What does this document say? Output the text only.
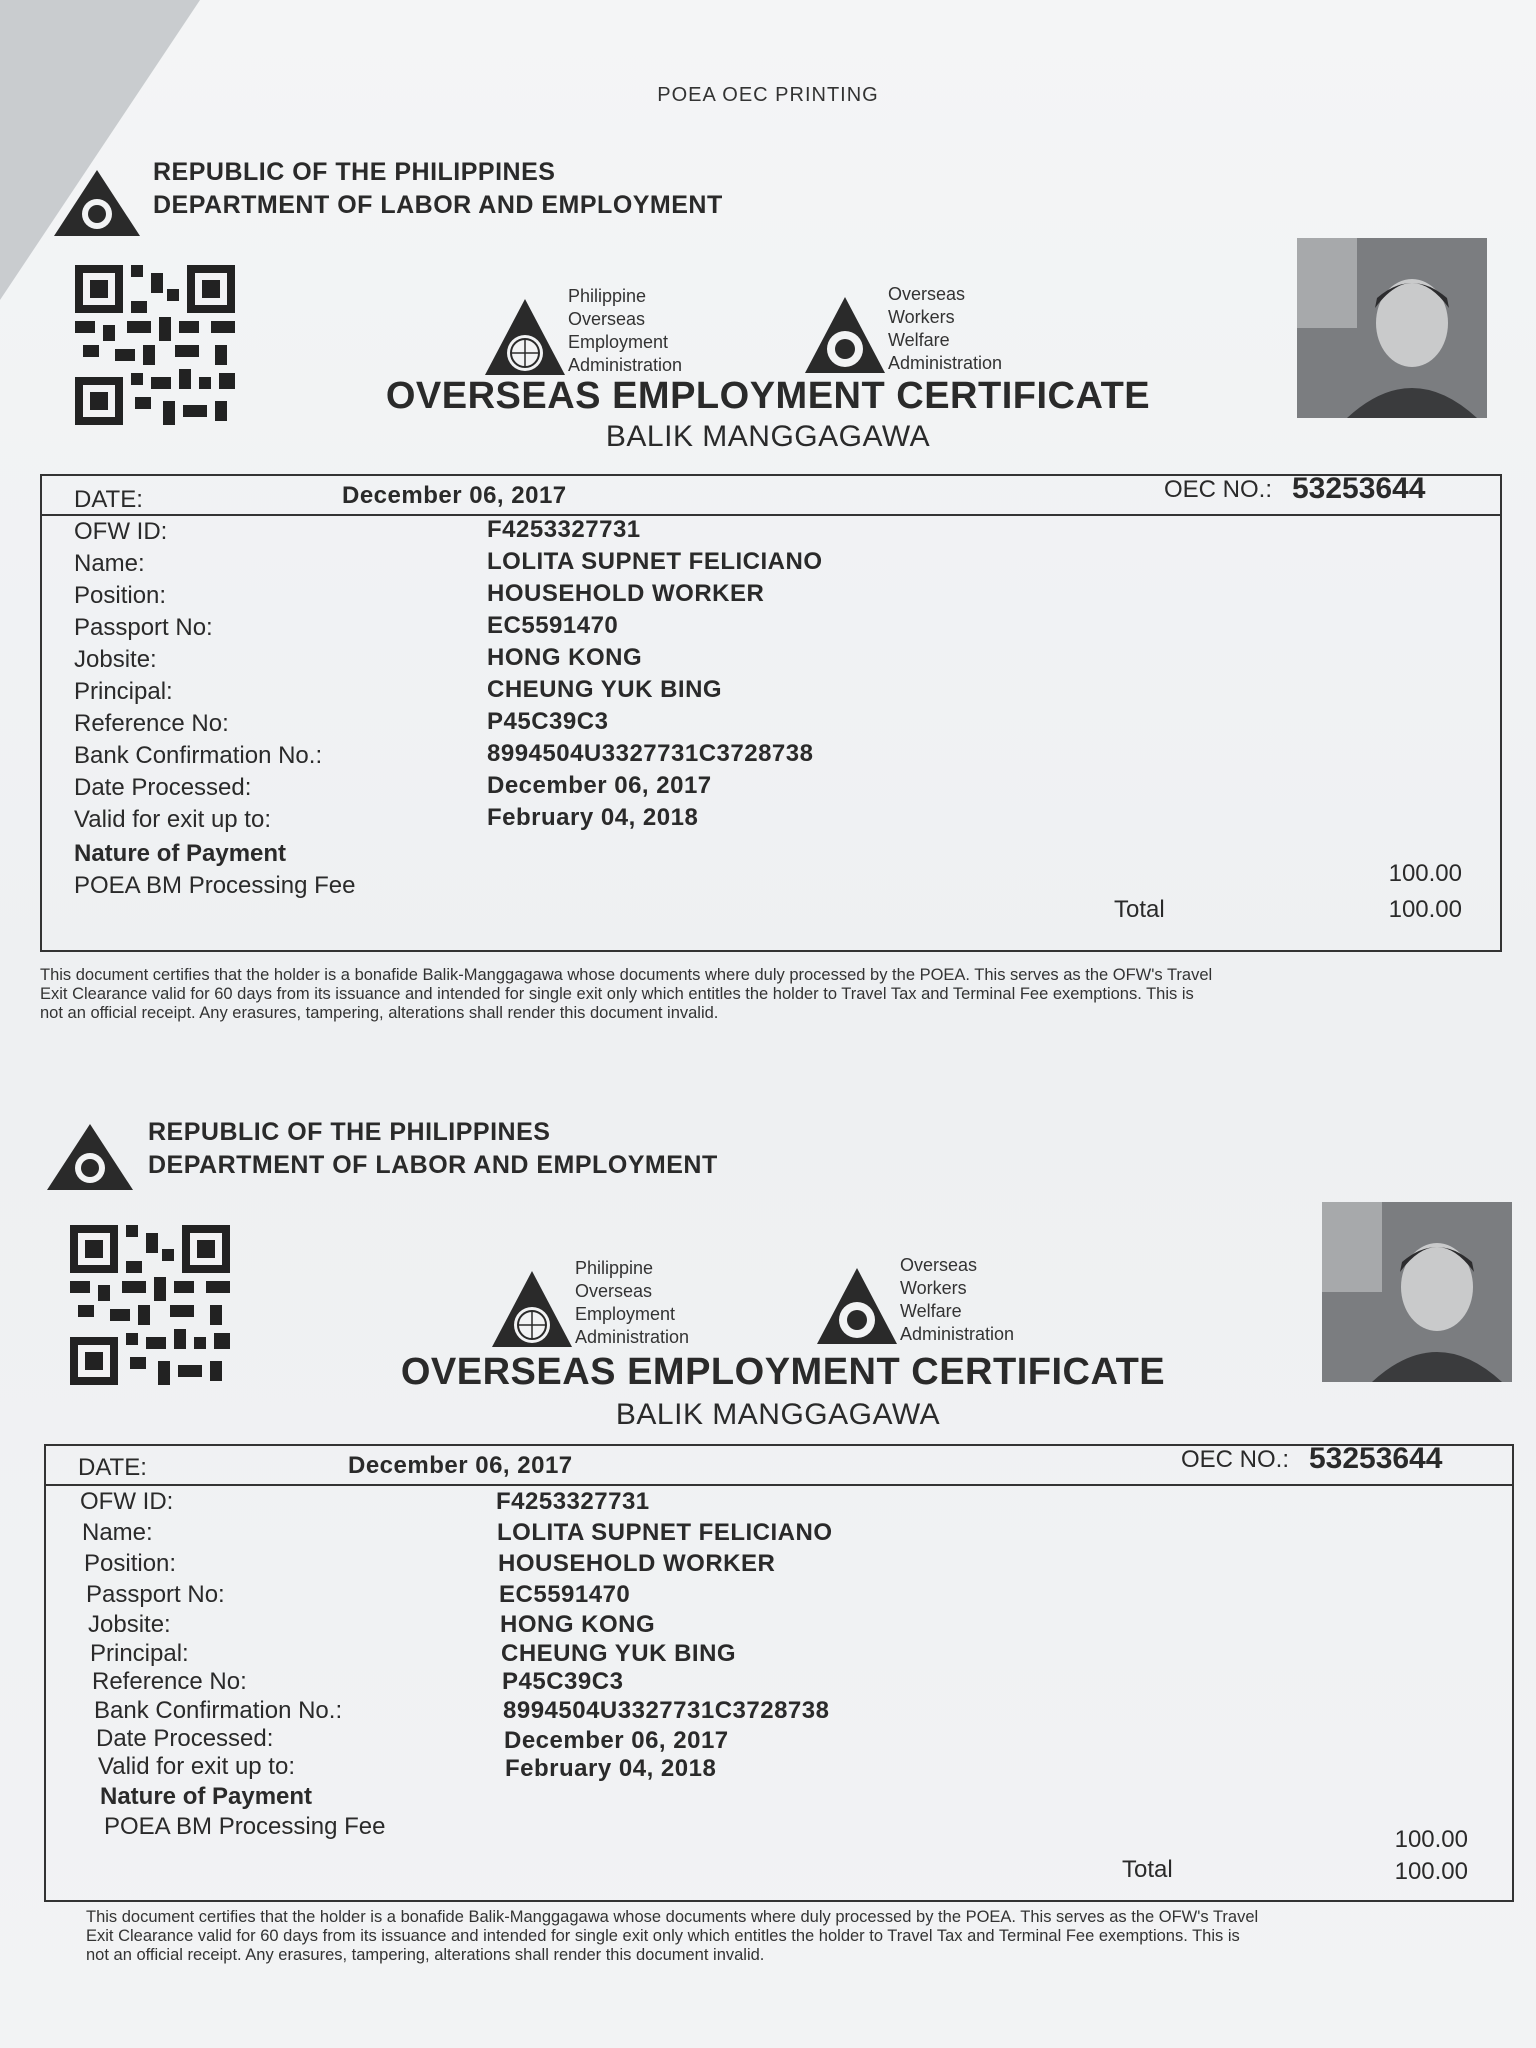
POEA OEC PRINTING
REPUBLIC OF THE PHILIPPINES
DEPARTMENT OF LABOR AND EMPLOYMENT
Philippine
Overseas
Employment
Administration
Overseas
Workers
Welfare
Administration
OVERSEAS EMPLOYMENT CERTIFICATE
BALIK MANGGAGAWA
DATE:	December 06, 2017	OEC NO.: 53253644
OFW ID:	F4253327731
Name:	LOLITA SUPNET FELICIANO
Position:	HOUSEHOLD WORKER
Passport No:	EC5591470
Jobsite:	HONG KONG
Principal:	CHEUNG YUK BING
Reference No:	P45C39C3
Bank Confirmation No.:	8994504U3327731C3728738
Date Processed:	December 06, 2017
Valid for exit up to:	February 04, 2018
Nature of Payment
POEA BM Processing Fee	100.00
Total	100.00
This document certifies that the holder is a bonafide Balik-Manggagawa whose documents where duly processed by the POEA. This serves as the OFW's Travel
Exit Clearance valid for 60 days from its issuance and intended for single exit only which entitles the holder to Travel Tax and Terminal Fee exemptions. This is
not an official receipt. Any erasures, tampering, alterations shall render this document invalid.
REPUBLIC OF THE PHILIPPINES
DEPARTMENT OF LABOR AND EMPLOYMENT
Philippine
Overseas
Employment
Administration
Overseas
Workers
Welfare
Administration
OVERSEAS EMPLOYMENT CERTIFICATE
BALIK MANGGAGAWA
DATE:	December 06, 2017	OEC NO.: 53253644
OFW ID:	F4253327731
Name:	LOLITA SUPNET FELICIANO
Position:	HOUSEHOLD WORKER
Passport No:	EC5591470
Jobsite:	HONG KONG
Principal:	CHEUNG YUK BING
Reference No:	P45C39C3
Bank Confirmation No.:	8994504U3327731C3728738
Date Processed:	December 06, 2017
Valid for exit up to:	February 04, 2018
Nature of Payment
POEA BM Processing Fee	100.00
Total	100.00
This document certifies that the holder is a bonafide Balik-Manggagawa whose documents where duly processed by the POEA. This serves as the OFW's Travel
Exit Clearance valid for 60 days from its issuance and intended for single exit only which entitles the holder to Travel Tax and Terminal Fee exemptions. This is
not an official receipt. Any erasures, tampering, alterations shall render this document invalid.
